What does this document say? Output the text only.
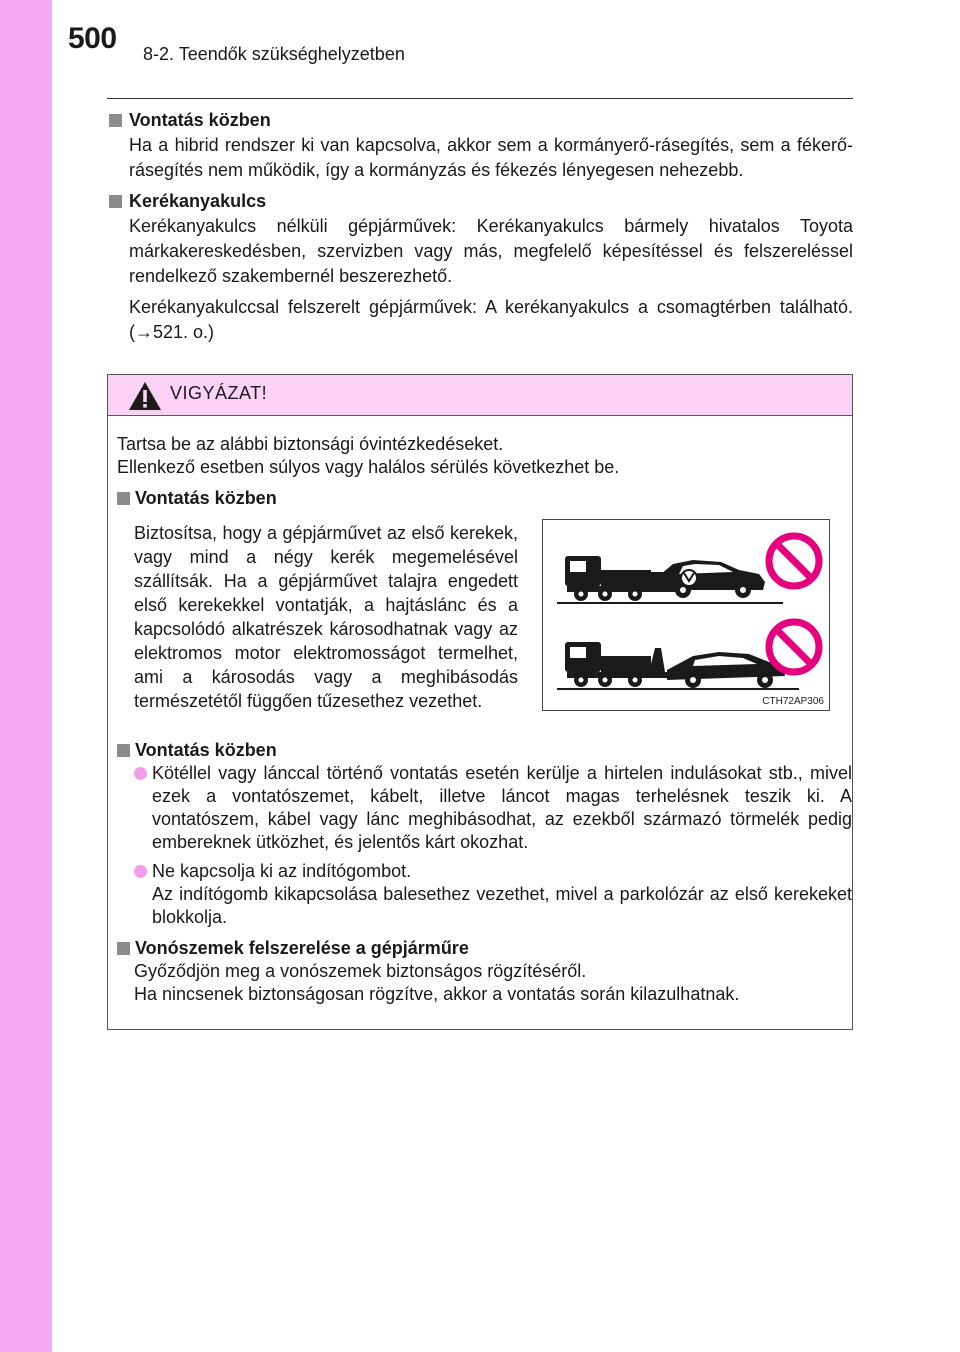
500 8-2. Teendők szükséghelyzetben

Vontatás közben

Ha a hibrid rendszer ki van kapcsolva, akkor sem a kormányerő-rásegítés, sem a fékerő-rásegítés nem működik, így a kormányzás és fékezés lényegesen nehezebb.

Kerékanyakulcs

Kerékanyakulcs nélküli gépjárművek: Kerékanyakulcs bármely hivatalos Toyota márkakereskedésben, szervizben vagy más, megfelelő képesítéssel és felszereléssel rendelkező szakembernél beszerezhető.

Kerékanyakulccsal felszerelt gépjárművek: A kerékanyakulcs a csomagtérben található. (→521. o.)

VIGYÁZAT!

Tartsa be az alábbi biztonsági óvintézkedéseket.

Ellenkező esetben súlyos vagy halálos sérülés következhet be.

Vontatás közben

Biztosítsa, hogy a gépjárművet az első kerekek, vagy mind a négy kerék megemelésével szállítsák. Ha a gépjárművet talajra engedett első kerekekkel vontatják, a hajtáslánc és a kapcsolódó alkatrészek károsodhatnak vagy az elektromos motor elektromosságot termelhet, ami a károsodás vagy a meghibásodás természetétől függően tűzesethez vezethet.	CTH72AP306

Vontatás közben

Kötéllel vagy lánccal történő vontatás esetén kerülje a hirtelen indulásokat stb., mivel ezek a vontatószemet, kábelt, illetve láncot magas terhelésnek teszik ki. A vontatószem, kábel vagy lánc meghibásodhat, az ezekből származó törmelék pedig embereknek ütközhet, és jelentős kárt okozhat.
Ne kapcsolja ki az indítógombot.
Az indítógomb kikapcsolása balesethez vezethet, mivel a parkolózár az első kerekeket blokkolja.

Vonószemek felszerelése a gépjárműre

Győződjön meg a vonószemek biztonságos rögzítéséről.

Ha nincsenek biztonságosan rögzítve, akkor a vontatás során kilazulhatnak.
